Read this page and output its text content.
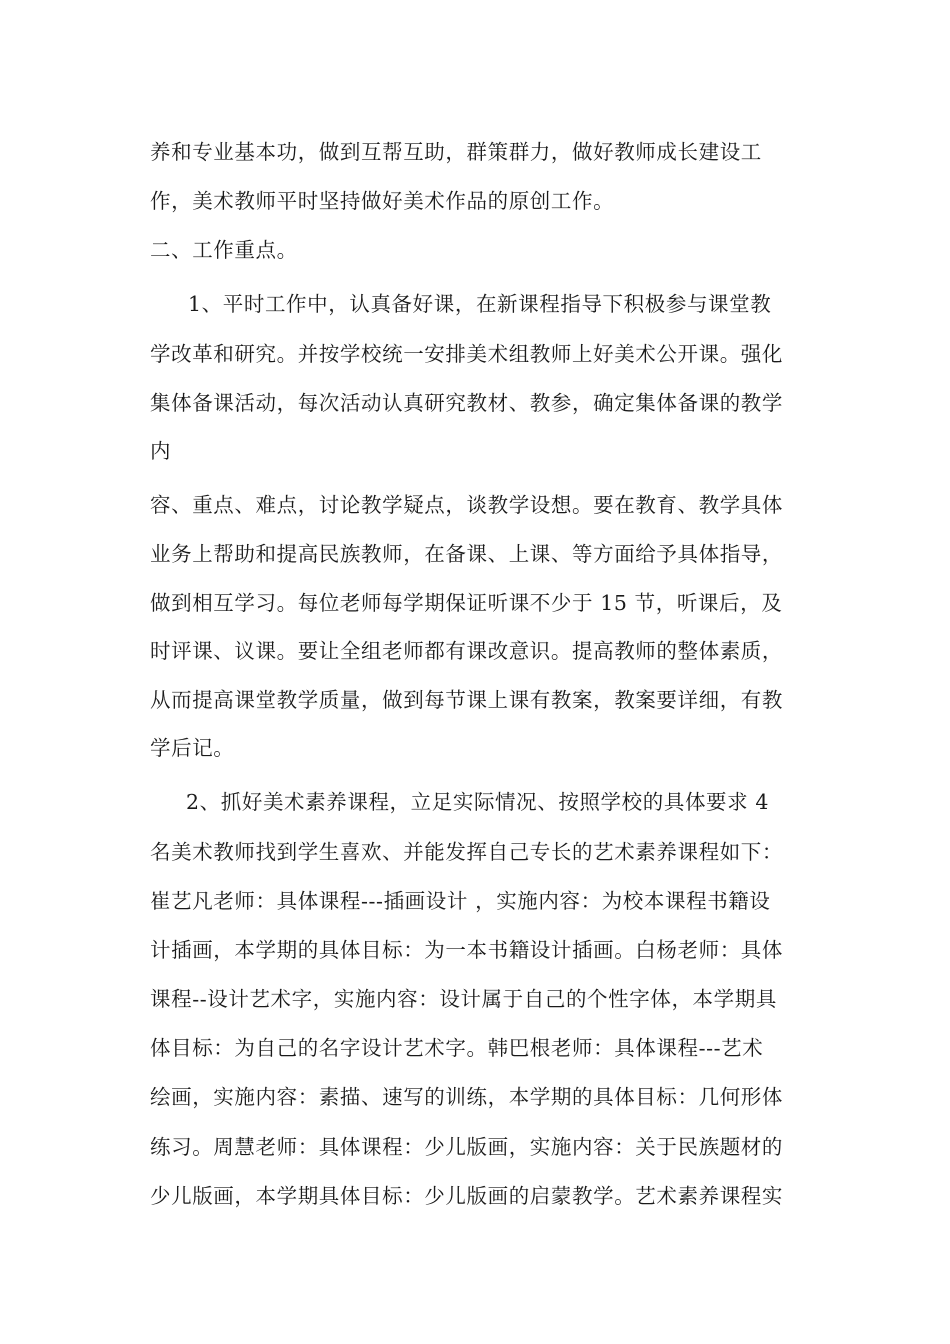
养和专业基本功，做到互帮互助，群策群力，做好教师成长建设工
作，美术教师平时坚持做好美术作品的原创工作。
二、工作重点。
1、平时工作中，认真备好课，在新课程指导下积极参与课堂教
学改革和研究。并按学校统一安排美术组教师上好美术公开课。强化
集体备课活动，每次活动认真研究教材、教参，确定集体备课的教学
内
容、重点、难点，讨论教学疑点，谈教学设想。要在教育、教学具体
业务上帮助和提高民族教师，在备课、上课、等方面给予具体指导，
做到相互学习。每位老师每学期保证听课不少于 15 节，听课后，及
时评课、议课。要让全组老师都有课改意识。提高教师的整体素质，
从而提高课堂教学质量，做到每节课上课有教案，教案要详细，有教
学后记。
2、抓好美术素养课程，立足实际情况、按照学校的具体要求 4
名美术教师找到学生喜欢、并能发挥自己专长的艺术素养课程如下：
崔艺凡老师：具体课程---插画设计 ，实施内容：为校本课程书籍设
计插画，本学期的具体目标：为一本书籍设计插画。白杨老师：具体
课程--设计艺术字，实施内容：设计属于自己的个性字体，本学期具
体目标：为自己的名字设计艺术字。韩巴根老师：具体课程---艺术
绘画，实施内容：素描、速写的训练，本学期的具体目标：几何形体
练习。周慧老师：具体课程：少儿版画，实施内容：关于民族题材的
少儿版画，本学期具体目标：少儿版画的启蒙教学。艺术素养课程实
